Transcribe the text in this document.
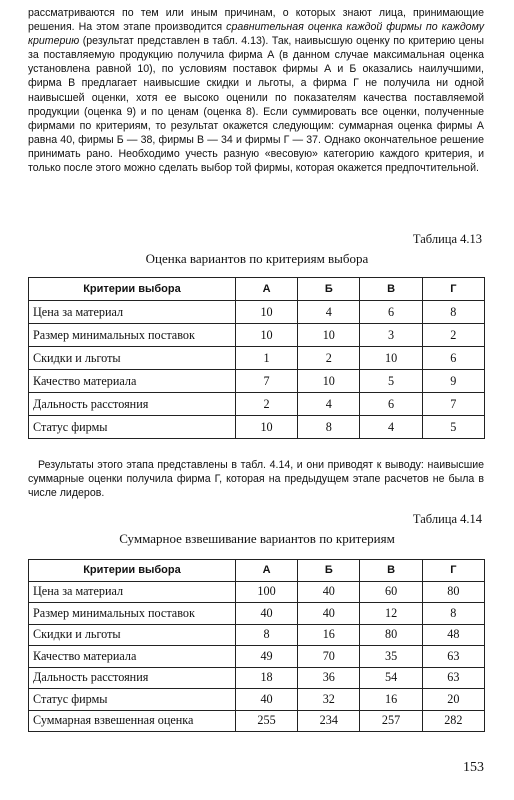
рассматриваются по тем или иным причинам, о которых знают лица, принимающие решения. На этом этапе производится сравнительная оценка каждой фирмы по каждому критерию (результат представлен в табл. 4.13). Так, наивысшую оценку по критерию цены за поставляемую продукцию получила фирма А (в данном случае максимальная оценка установлена равной 10), по условиям поставок фирмы А и Б оказались наилучшими, фирма В предлагает наивысшие скидки и льготы, а фирма Г не получила ни одной наивысшей оценки, хотя ее высоко оценили по показателям качества поставляемой продукции (оценка 9) и по ценам (оценка 8). Если суммировать все оценки, полученные фирмами по критериям, то результат окажется следующим: суммарная оценка фирмы А равна 40, фирмы Б — 38, фирмы В — 34 и фирмы Г — 37. Однако окончательное решение принимать рано. Необходимо учесть разную «весовую» категорию каждого критерия, и только после этого можно сделать выбор той фирмы, которая окажется предпочтительной.

Таблица 4.13
Оценка вариантов по критериям выбора
Критерии выбора	А	Б	В	Г
Цена за материал	10	4	6	8
Размер минимальных поставок	10	10	3	2
Скидки и льготы	1	2	10	6
Качество материала	7	10	5	9
Дальность расстояния	2	4	6	7
Статус фирмы	10	8	4	5

Результаты этого этапа представлены в табл. 4.14, и они приводят к выводу: наивысшие суммарные оценки получила фирма Г, которая на предыдущем этапе расчетов не была в числе лидеров.

Таблица 4.14
Суммарное взвешивание вариантов по критериям
Критерии выбора	А	Б	В	Г
Цена за материал	100	40	60	80
Размер минимальных поставок	40	40	12	8
Скидки и льготы	8	16	80	48
Качество материала	49	70	35	63
Дальность расстояния	18	36	54	63
Статус фирмы	40	32	16	20
Суммарная взвешенная оценка	255	234	257	282
153
